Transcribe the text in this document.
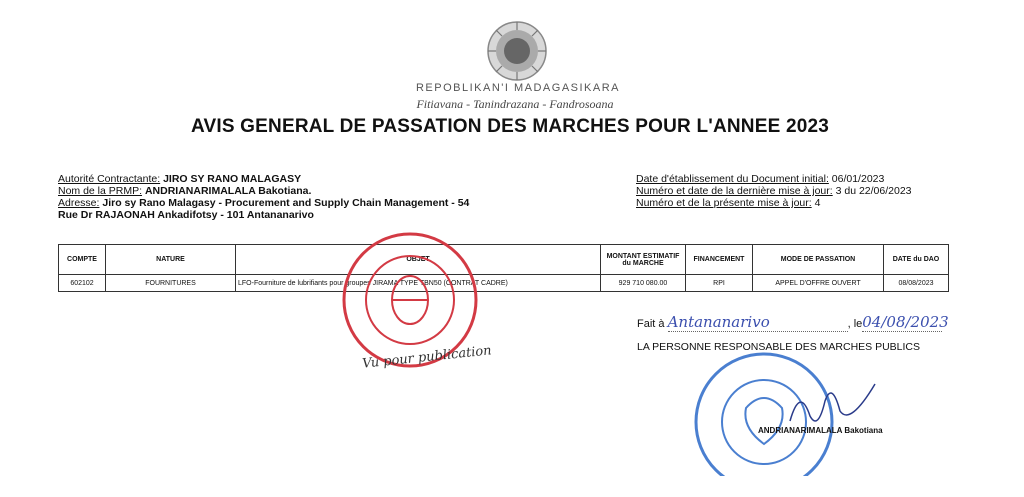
REPOBLIKAN'I MADAGASIKARA
Fitiavana - Tanindrazana - Fandrosoana
AVIS GENERAL DE PASSATION DES MARCHES POUR L'ANNEE 2023
Autorité Contractante: JIRO SY RANO MALAGASY
Nom de la PRMP: ANDRIANARIMALALA Bakotiana.
Adresse: Jiro sy Rano Malagasy - Procurement and Supply Chain Management - 54
Rue Dr RAJAONAH Ankadifotsy - 101 Antananarivo
Date d'établissement du Document initial: 06/01/2023
Numéro et date de la dernière mise à jour: 3 du 22/06/2023
Numéro et de la présente mise à jour: 4
COMPTE	NATURE	OBJET	MONTANT ESTIMATIF du MARCHE	FINANCEMENT	MODE DE PASSATION	DATE du DAO
602102	FOURNITURES	LFO-Fourniture de lubrifiants pour groupes JIRAMA TYPE TBN50 (CONTRAT CADRE)	929 710 080.00	RPI	APPEL D'OFFRE OUVERT	08/08/2023
Vu pour publication
Fait à Antananarivo	, le04/08/2023
LA PERSONNE RESPONSABLE DES MARCHES PUBLICS
ANDRIANARIMALALA Bakotiana
